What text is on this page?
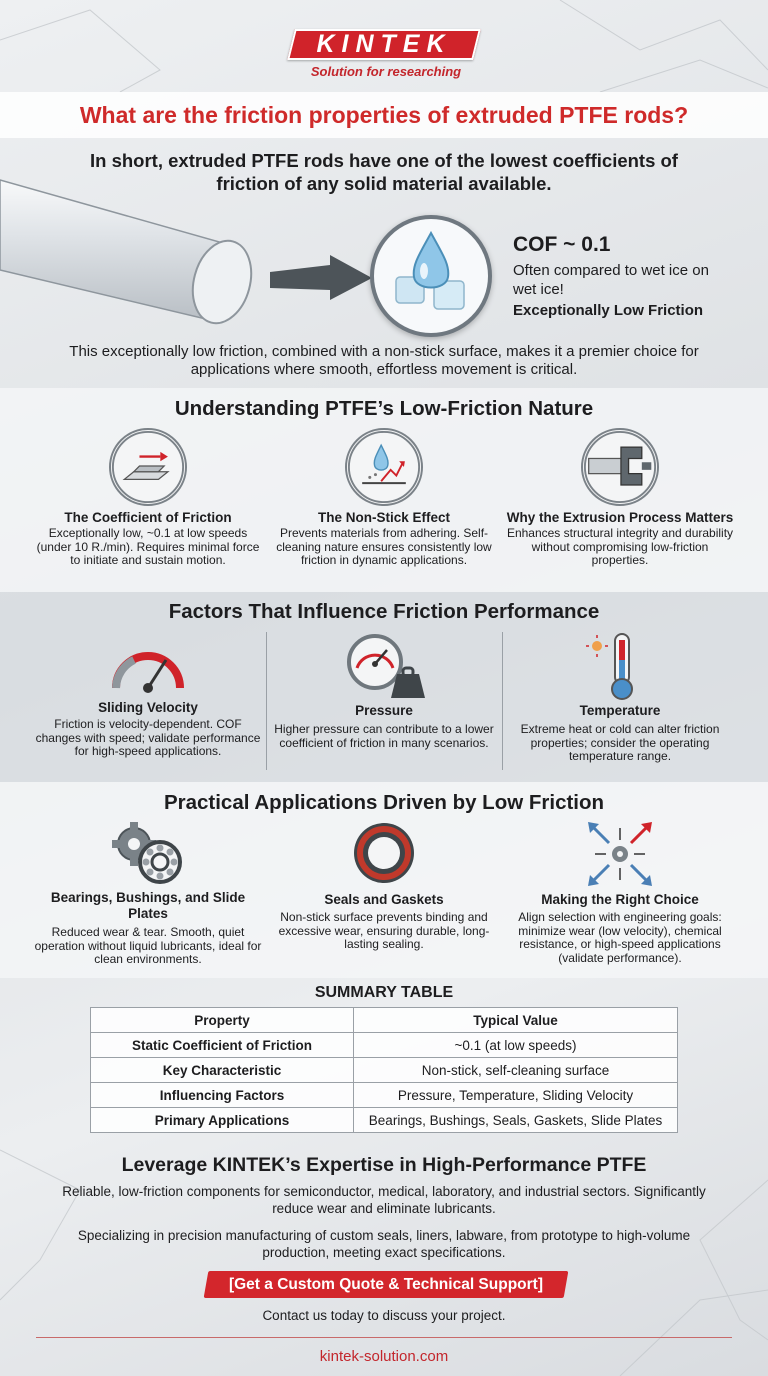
KINTEK
Solution for researching
What are the friction properties of extruded PTFE rods?
In short, extruded PTFE rods have one of the lowest coefficients of friction of any solid material available.
COF ~ 0.1
Often compared to wet ice on wet ice!
Exceptionally Low Friction
This exceptionally low friction, combined with a non-stick surface, makes it a premier choice for applications where smooth, effortless movement is critical.
Understanding PTFE’s Low-Friction Nature
The Coefficient of Friction
Exceptionally low, ~0.1 at low speeds (under 10 R./min). Requires minimal force to initiate and sustain motion.
The Non-Stick Effect
Prevents materials from adhering. Self-cleaning nature ensures consistently low friction in dynamic applications.
Why the Extrusion Process Matters
Enhances structural integrity and durability without compromising low-friction properties.
Factors That Influence Friction Performance
Sliding Velocity
Friction is velocity-dependent. COF changes with speed; validate performance for high-speed applications.
Pressure
Higher pressure can contribute to a lower coefficient of friction in many scenarios.
Temperature
Extreme heat or cold can alter friction properties; consider the operating temperature range.
Practical Applications Driven by Low Friction
Bearings, Bushings, and Slide Plates
Reduced wear & tear. Smooth, quiet operation without liquid lubricants, ideal for clean environments.
Seals and Gaskets
Non-stick surface prevents binding and excessive wear, ensuring durable, long-lasting sealing.
Making the Right Choice
Align selection with engineering goals: minimize wear (low velocity), chemical resistance, or high-speed applications (validate performance).
SUMMARY TABLE
Property	Typical Value
Static Coefficient of Friction	~0.1 (at low speeds)
Key Characteristic	Non-stick, self-cleaning surface
Influencing Factors	Pressure, Temperature, Sliding Velocity
Primary Applications	Bearings, Bushings, Seals, Gaskets, Slide Plates
Leverage KINTEK’s Expertise in High-Performance PTFE
Reliable, low-friction components for semiconductor, medical, laboratory, and industrial sectors. Significantly reduce wear and eliminate lubricants.
Specializing in precision manufacturing of custom seals, liners, labware, from prototype to high-volume production, meeting exact specifications.
[Get a Custom Quote & Technical Support]
Contact us today to discuss your project.
kintek-solution.com
